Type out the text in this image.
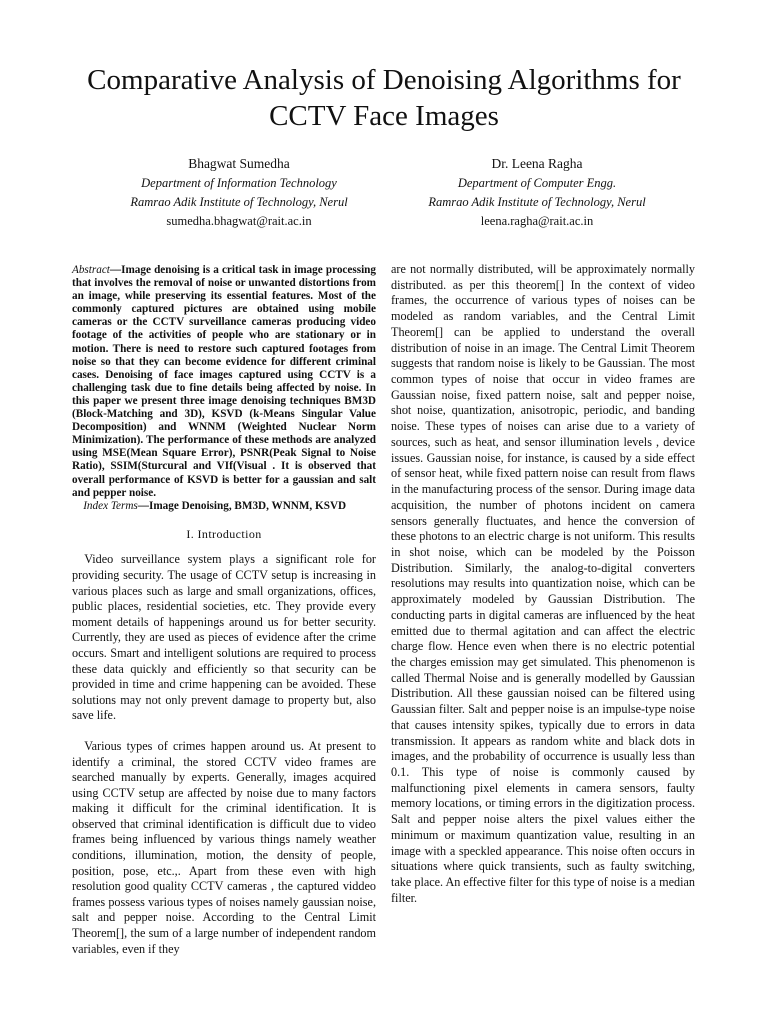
Comparative Analysis of Denoising Algorithms for
CCTV Face Images
Bhagwat Sumedha
Department of Information Technology
Ramrao Adik Institute of Technology, Nerul
sumedha.bhagwat@rait.ac.in
Dr. Leena Ragha
Department of Computer Engg.
Ramrao Adik Institute of Technology, Nerul
leena.ragha@rait.ac.in

Abstract—Image denoising is a critical task in image processing that involves the removal of noise or unwanted distortions from an image, while preserving its essential features. Most of the commonly captured pictures are obtained using mobile cameras or the CCTV surveillance cameras producing video footage of the activities of people who are stationary or in motion. There is need to restore such captured footages from noise so that they can become evidence for different criminal cases. Denoising of face images captured using CCTV is a challenging task due to fine details being affected by noise. In this paper we present three image denoising techniques BM3D (Block-Matching and 3D), KSVD (k-Means Singular Value Decomposition) and WNNM (Weighted Nuclear Norm Minimization). The performance of these methods are analyzed using MSE(Mean Square Error), PSNR(Peak Signal to Noise Ratio), SSIM(Sturcural and VIf(Visual . It is observed that overall performance of KSVD is better for a gaussian and salt and pepper noise.

Index Terms—Image Denoising, BM3D, WNNM, KSVD

I. Introduction

Video surveillance system plays a significant role for providing security. The usage of CCTV setup is increasing in various places such as large and small organizations, offices, public places, residential societies, etc. They provide every moment details of happenings around us for better security. Currently, they are used as pieces of evidence after the crime occurs. Smart and intelligent solutions are required to process these data quickly and efficiently so that security can be provided in time and crime happening can be avoided. These solutions may not only prevent damage to property but, also save life.

Various types of crimes happen around us. At present to identify a criminal, the stored CCTV video frames are searched manually by experts. Generally, images acquired using CCTV setup are affected by noise due to many factors making it difficult for the criminal identification. It is observed that criminal identification is difficult due to video frames being influenced by various things namely weather conditions, illumination, motion, the density of people, position, pose, etc.,. Apart from these even with high resolution good quality CCTV cameras , the captured viddeo frames possess various types of noises namely gaussian noise, salt and pepper noise. According to the Central Limit Theorem[], the sum of a large number of independent random variables, even if they

are not normally distributed, will be approximately normally distributed. as per this theorem[] In the context of video frames, the occurrence of various types of noises can be modeled as random variables, and the Central Limit Theorem[] can be applied to understand the overall distribution of noise in an image. The Central Limit Theorem suggests that random noise is likely to be Gaussian. The most common types of noise that occur in video frames are Gaussian noise, fixed pattern noise, salt and pepper noise, shot noise, quantization, anisotropic, periodic, and banding noise. These types of noises can arise due to a variety of sources, such as heat, and sensor illumination levels , device issues. Gaussian noise, for instance, is caused by a side effect of sensor heat, while fixed pattern noise can result from flaws in the manufacturing process of the sensor. During image data acquisition, the number of photons incident on camera sensors generally fluctuates, and hence the conversion of these photons to an electric charge is not uniform. This results in shot noise, which can be modeled by the Poisson Distribution. Similarly, the analog-to-digital converters resolutions may results into quantization noise, which can be approximately modeled by Gaussian Distribution. The conducting parts in digital cameras are influenced by the heat emitted due to thermal agitation and can affect the electric charge flow. Hence even when there is no electric potential the charges emission may get simulated. This phenomenon is called Thermal Noise and is generally modelled by Gaussian Distribution. All these gaussian noised can be filtered using Gaussian filter. Salt and pepper noise is an impulse-type noise that causes intensity spikes, typically due to errors in data transmission. It appears as random white and black dots in images, and the probability of occurrence is usually less than 0.1. This type of noise is commonly caused by malfunctioning pixel elements in camera sensors, faulty memory locations, or timing errors in the digitization process. Salt and pepper noise alters the pixel values either the minimum or maximum quantization value, resulting in an image with a speckled appearance. This noise often occurs in situations where quick transients, such as faulty switching, take place. An effective filter for this type of noise is a median filter.
